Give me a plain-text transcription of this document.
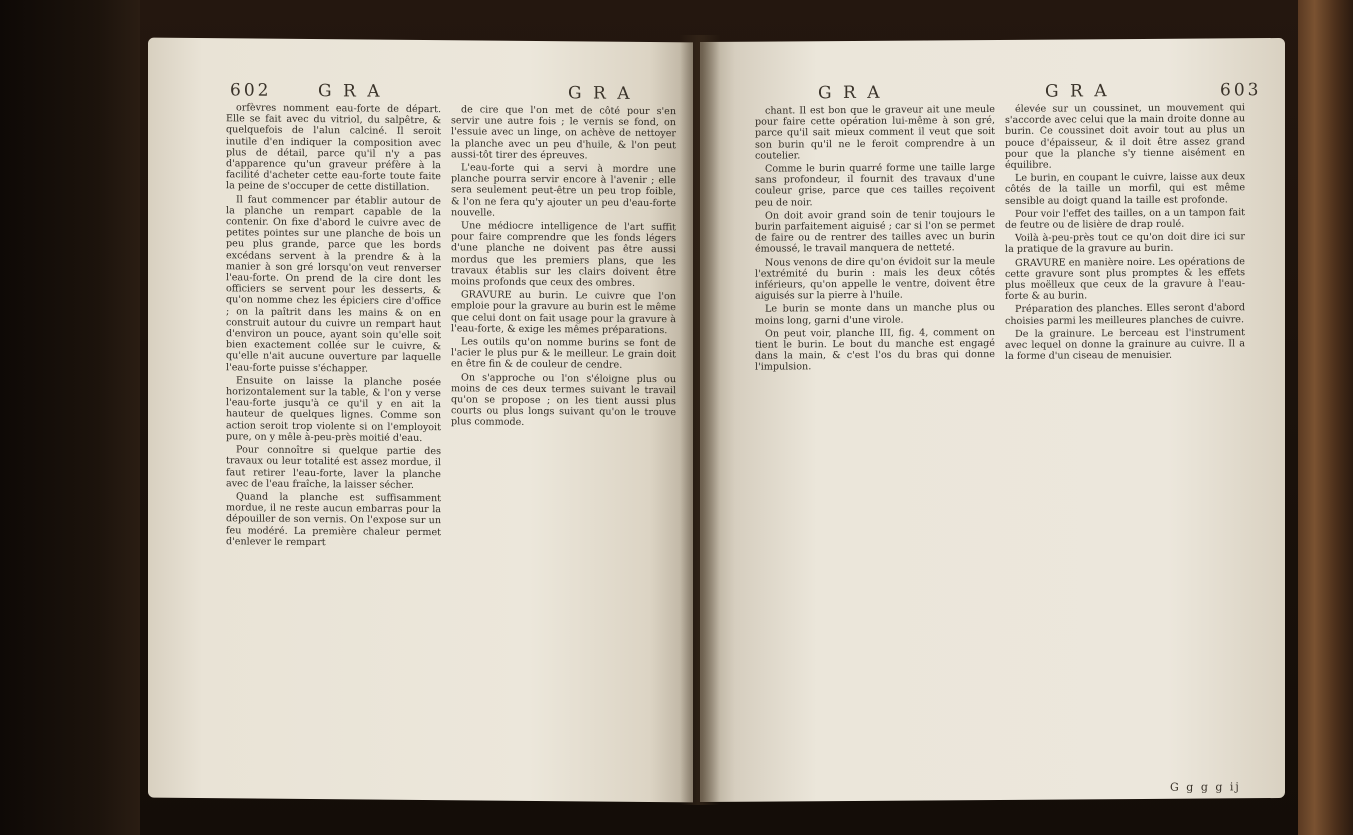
602	G R A	G R A

orfèvres nomment eau-forte de départ. Elle se fait avec du vitriol, du salpêtre, & quelquefois de l'alun calciné. Il seroit inutile d'en indiquer la composition avec plus de détail, parce qu'il n'y a pas d'apparence qu'un graveur préfère à la facilité d'acheter cette eau-forte toute faite la peine de s'occuper de cette distillation.

Il faut commencer par établir autour de la planche un rempart capable de la contenir. On fixe d'abord le cuivre avec de petites pointes sur une planche de bois un peu plus grande, parce que les bords excédans servent à la prendre & à la manier à son gré lorsqu'on veut renverser l'eau-forte. On prend de la cire dont les officiers se servent pour les desserts, & qu'on nomme chez les épiciers cire d'office ; on la paîtrit dans les mains & on en construit autour du cuivre un rempart haut d'environ un pouce, ayant soin qu'elle soit bien exactement collée sur le cuivre, & qu'elle n'ait aucune ouverture par laquelle l'eau-forte puisse s'échapper.

Ensuite on laisse la planche posée horizontalement sur la table, & l'on y verse l'eau-forte jusqu'à ce qu'il y en ait la hauteur de quelques lignes. Comme son action seroit trop violente si on l'employoit pure, on y mêle à-peu-près moitié d'eau.

Pour connoître si quelque partie des travaux ou leur totalité est assez mordue, il faut retirer l'eau-forte, laver la planche avec de l'eau fraîche, la laisser sécher.

Quand la planche est suffisamment mordue, il ne reste aucun embarras pour la dépouiller de son vernis. On l'expose sur un feu modéré. La première chaleur permet d'enlever le rempart

de cire que l'on met de côté pour s'en servir une autre fois ; le vernis se fond, on l'essuie avec un linge, on achève de nettoyer la planche avec un peu d'huile, & l'on peut aussi-tôt tirer des épreuves.

L'eau-forte qui a servi à mordre une planche pourra servir encore à l'avenir ; elle sera seulement peut-être un peu trop foible, & l'on ne fera qu'y ajouter un peu d'eau-forte nouvelle.

Une médiocre intelligence de l'art suffit pour faire comprendre que les fonds légers d'une planche ne doivent pas être aussi mordus que les premiers plans, que les travaux établis sur les clairs doivent être moins profonds que ceux des ombres.

GRAVURE au burin. Le cuivre que l'on emploie pour la gravure au burin est le même que celui dont on fait usage pour la gravure à l'eau-forte, & exige les mêmes préparations.

Les outils qu'on nomme burins se font de l'acier le plus pur & le meilleur. Le grain doit en être fin & de couleur de cendre.

On s'approche ou l'on s'éloigne plus ou moins de ces deux termes suivant le travail qu'on se propose ; on les tient aussi plus courts ou plus longs suivant qu'on le trouve plus commode.

G R A	G R A	603

chant. Il est bon que le graveur ait une meule pour faire cette opération lui-même à son gré, parce qu'il sait mieux comment il veut que soit son burin qu'il ne le feroit comprendre à un coutelier.

Comme le burin quarré forme une taille large sans profondeur, il fournit des travaux d'une couleur grise, parce que ces tailles reçoivent peu de noir.

On doit avoir grand soin de tenir toujours le burin parfaitement aiguisé ; car si l'on se permet de faire ou de rentrer des tailles avec un burin émoussé, le travail manquera de netteté.

Nous venons de dire qu'on évidoit sur la meule l'extrémité du burin : mais les deux côtés inférieurs, qu'on appelle le ventre, doivent être aiguisés sur la pierre à l'huile.

Le burin se monte dans un manche plus ou moins long, garni d'une virole.

On peut voir, planche III, fig. 4, comment on tient le burin. Le bout du manche est engagé dans la main, & c'est l'os du bras qui donne l'impulsion.

élevée sur un coussinet, un mouvement qui s'accorde avec celui que la main droite donne au burin. Ce coussinet doit avoir tout au plus un pouce d'épaisseur, & il doit être assez grand pour que la planche s'y tienne aisément en équilibre.

Le burin, en coupant le cuivre, laisse aux deux côtés de la taille un morfil, qui est même sensible au doigt quand la taille est profonde.

Pour voir l'effet des tailles, on a un tampon fait de feutre ou de lisière de drap roulé.

Voilà à-peu-près tout ce qu'on doit dire ici sur la pratique de la gravure au burin.

GRAVURE en manière noire. Les opérations de cette gravure sont plus promptes & les effets plus moëlleux que ceux de la gravure à l'eau-forte & au burin.

Préparation des planches. Elles seront d'abord choisies parmi les meilleures planches de cuivre.

De la grainure. Le berceau est l'instrument avec lequel on donne la grainure au cuivre. Il a la forme d'un ciseau de menuisier.

G g g g ij
